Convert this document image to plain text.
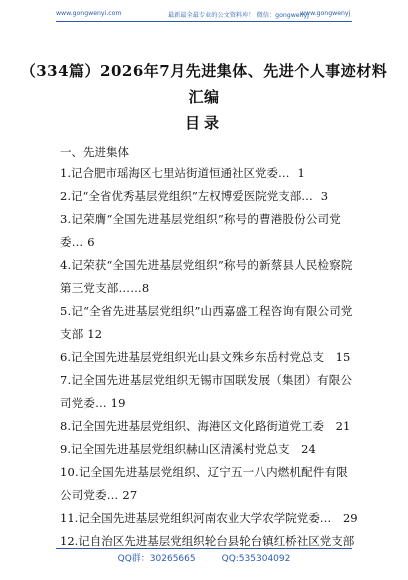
www.gongwenyi.com	最新最全最专业的公文资料库！ 微信：gongwenyj
www.gongwenyj
（334篇）2026年7月先进集体、先进个人事迹材料
汇编
目录
一、先进集体
1.记合肥市瑶海区七里站街道恒通社区党委… 1
2.记“全省优秀基层党组织”左权博爱医院党支部… 3
3.记荣膺“全国先进基层党组织”称号的曹港股份公司党委… 6
4.记荣获“全国先进基层党组织”称号的新蔡县人民检察院第三党支部……8
5.记“全省先进基层党组织”山西嘉盛工程咨询有限公司党支部 12
6.记全国先进基层党组织光山县文殊乡东岳村党总支 15
7.记全国先进基层党组织无锡市国联发展（集团）有限公司党委… 19
8.记全国先进基层党组织、海港区文化路街道党工委 21
9.记全国先进基层党组织赫山区清溪村党总支 24
10.记全国先进基层党组织、辽宁五一八内燃机配件有限公司党委… 27
11.记全国先进基层党组织河南农业大学农学院党委… 29
12.记自治区先进基层党组织轮台县轮台镇红桥社区党支部
QQ群：30265665	QQ:535304092
